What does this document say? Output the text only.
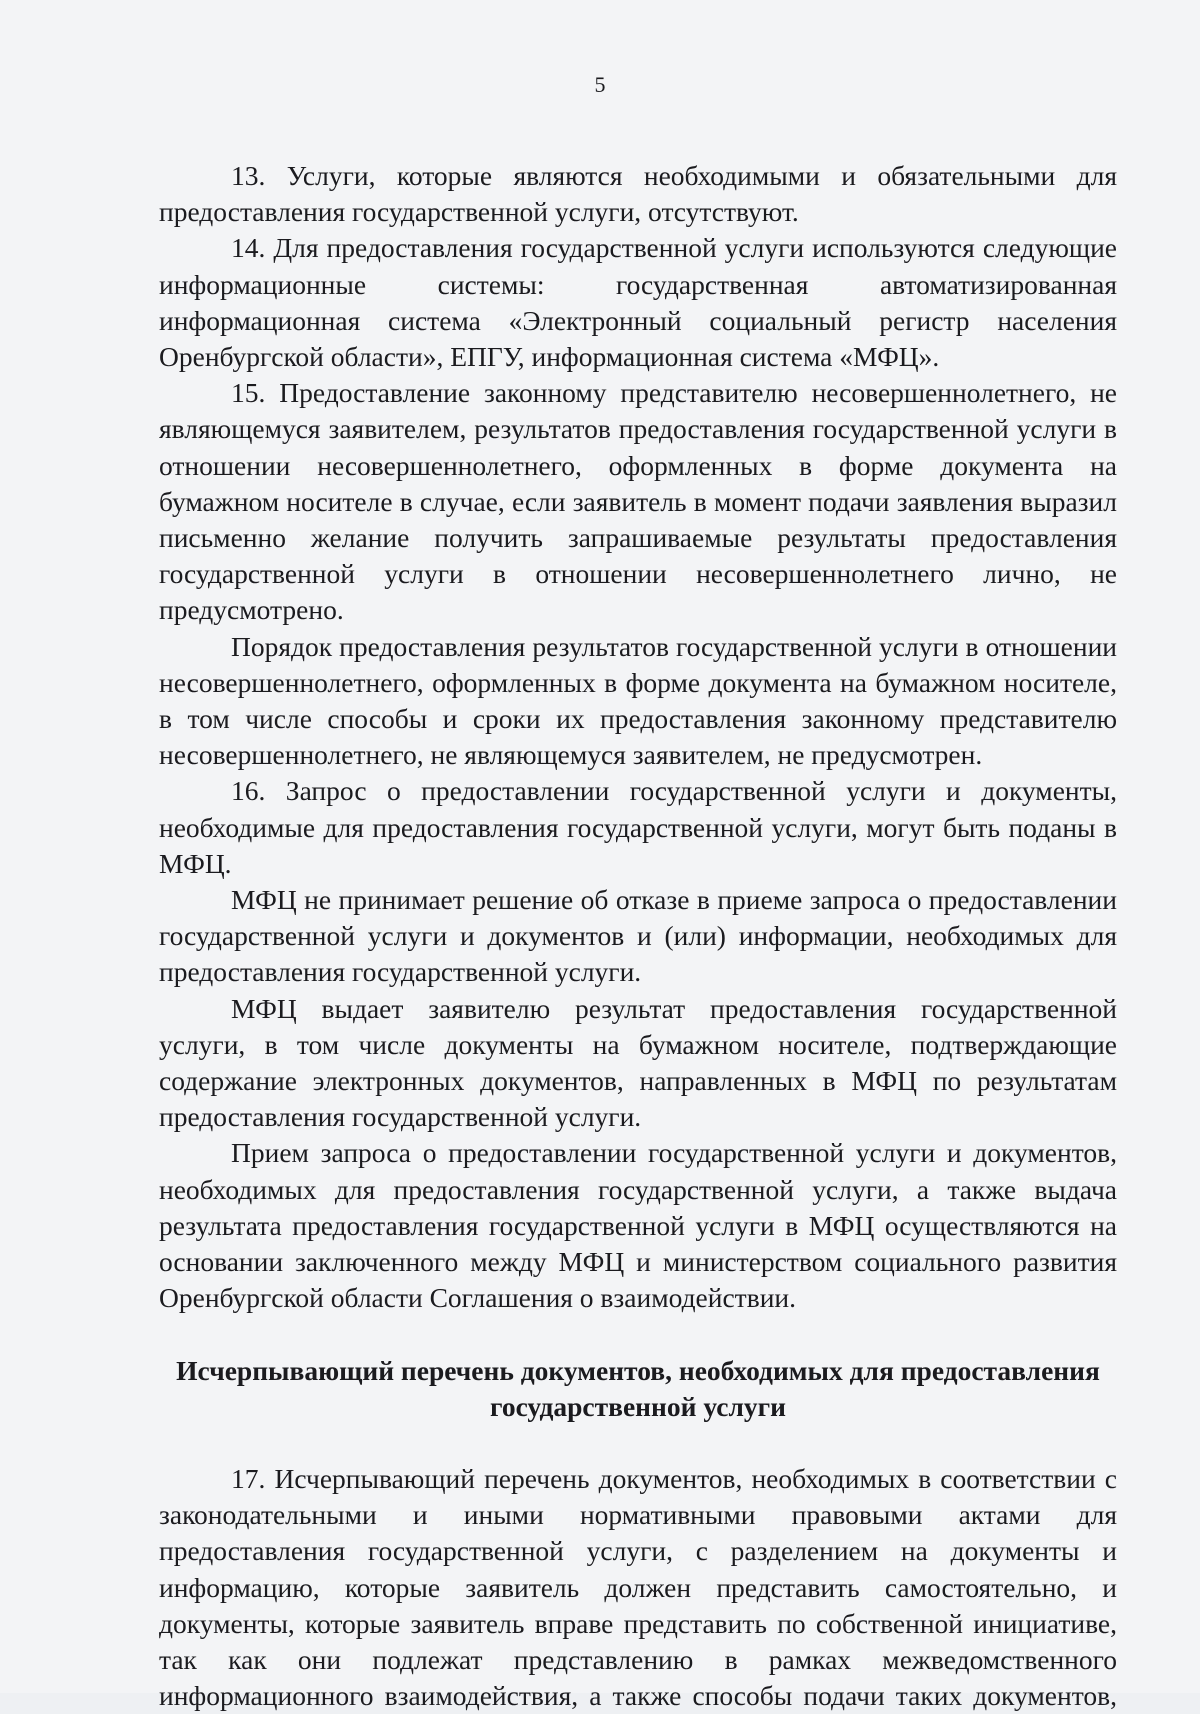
5

13. Услуги, которые являются необходимыми и обязательными для предоставления государственной услуги, отсутствуют.

14. Для предоставления государственной услуги используются следующие информационные системы: государственная автоматизированная информационная система «Электронный социальный регистр населения Оренбургской области», ЕПГУ, информационная система «МФЦ».

15. Предоставление законному представителю несовершеннолетнего, не являющемуся заявителем, результатов предоставления государственной услуги в отношении несовершеннолетнего, оформленных в форме документа на бумажном носителе в случае, если заявитель в момент подачи заявления выразил письменно желание получить запрашиваемые результаты предоставления государственной услуги в отношении несовершеннолетнего лично, не предусмотрено.

Порядок предоставления результатов государственной услуги в отношении несовершеннолетнего, оформленных в форме документа на бумажном носителе, в том числе способы и сроки их предоставления законному представителю несовершеннолетнего, не являющемуся заявителем, не предусмотрен.

16. Запрос о предоставлении государственной услуги и документы, необходимые для предоставления государственной услуги, могут быть поданы в МФЦ.

МФЦ не принимает решение об отказе в приеме запроса о предоставлении государственной услуги и документов и (или) информации, необходимых для предоставления государственной услуги.

МФЦ выдает заявителю результат предоставления государственной услуги, в том числе документы на бумажном носителе, подтверждающие содержание электронных документов, направленных в МФЦ по результатам предоставления государственной услуги.

Прием запроса о предоставлении государственной услуги и документов, необходимых для предоставления государственной услуги, а также выдача результата предоставления государственной услуги в МФЦ осуществляются на основании заключенного между МФЦ и министерством социального развития Оренбургской области Соглашения о взаимодействии.

Исчерпывающий перечень документов, необходимых для предоставления
государственной услуги

17. Исчерпывающий перечень документов, необходимых в соответствии с законодательными и иными нормативными правовыми актами для предоставления государственной услуги, с разделением на документы и информацию, которые заявитель должен представить самостоятельно, и документы, которые заявитель вправе представить по собственной инициативе, так как они подлежат представлению в рамках межведомственного информационного взаимодействия, а также способы подачи таких документов,
